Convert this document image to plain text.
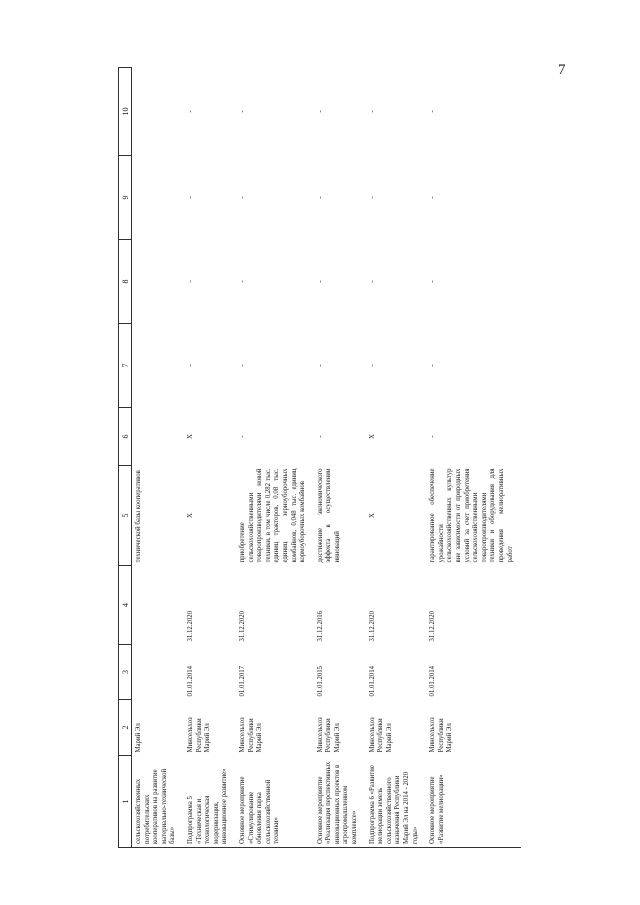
7
1	2	3	4	5	6	7	8	9	10
сельскохозяйственных потребительских кооперативов на развитие материально-технической базы»	Марий Эл			технической базы кооперативов					
Подпрограмма 5 «Техническая и технологическая модернизация, инновационное развитие»	Минсельхоз Республики Марий Эл	01.01.2014	31.12.2020	X	X	-	-	-	-
Основное мероприятие «Стимулирование обновления парка сельскохозяйственной техники»	Минсельхоз Республики Марий Эл	01.01.2017	31.12.2020	приобретение сельскохозяйственными товаропроизводителями новой техники, в том числе 0,282 тыс. единиц тракторов, 0,08 тыс. единиц зерноуборочных комбайнов, 0,048 тыс. единиц кормоуборочных комбайнов	-	-	-	-	-
Основное мероприятие «Реализация перспективных инновационных проектов в агропромышленном комплексе»	Минсельхоз Республики Марий Эл	01.01.2015	31.12.2016	достижение экономического эффекта в осуществлении инноваций	-	-	-	-	-
Подпрограмма 6 «Развитие мелиорации земель сельскохозяйственного назначения Республики Марий Эл на 2014 - 2020 годы»	Минсельхоз Республики Марий Эл	01.01.2014	31.12.2020	X	X	-	-	-	-
Основное мероприятие «Развитие мелиорации»	Минсельхоз Республики Марий Эл	01.01.2014	31.12.2020	гарантированное обеспечение урожайности сельскохозяйственных культур вне зависимости от природных условий за счет приобретения сельскохозяйственными товаропроизводителями техники и оборудования для проведения мелиоративных работ	-	-	-	-	-
